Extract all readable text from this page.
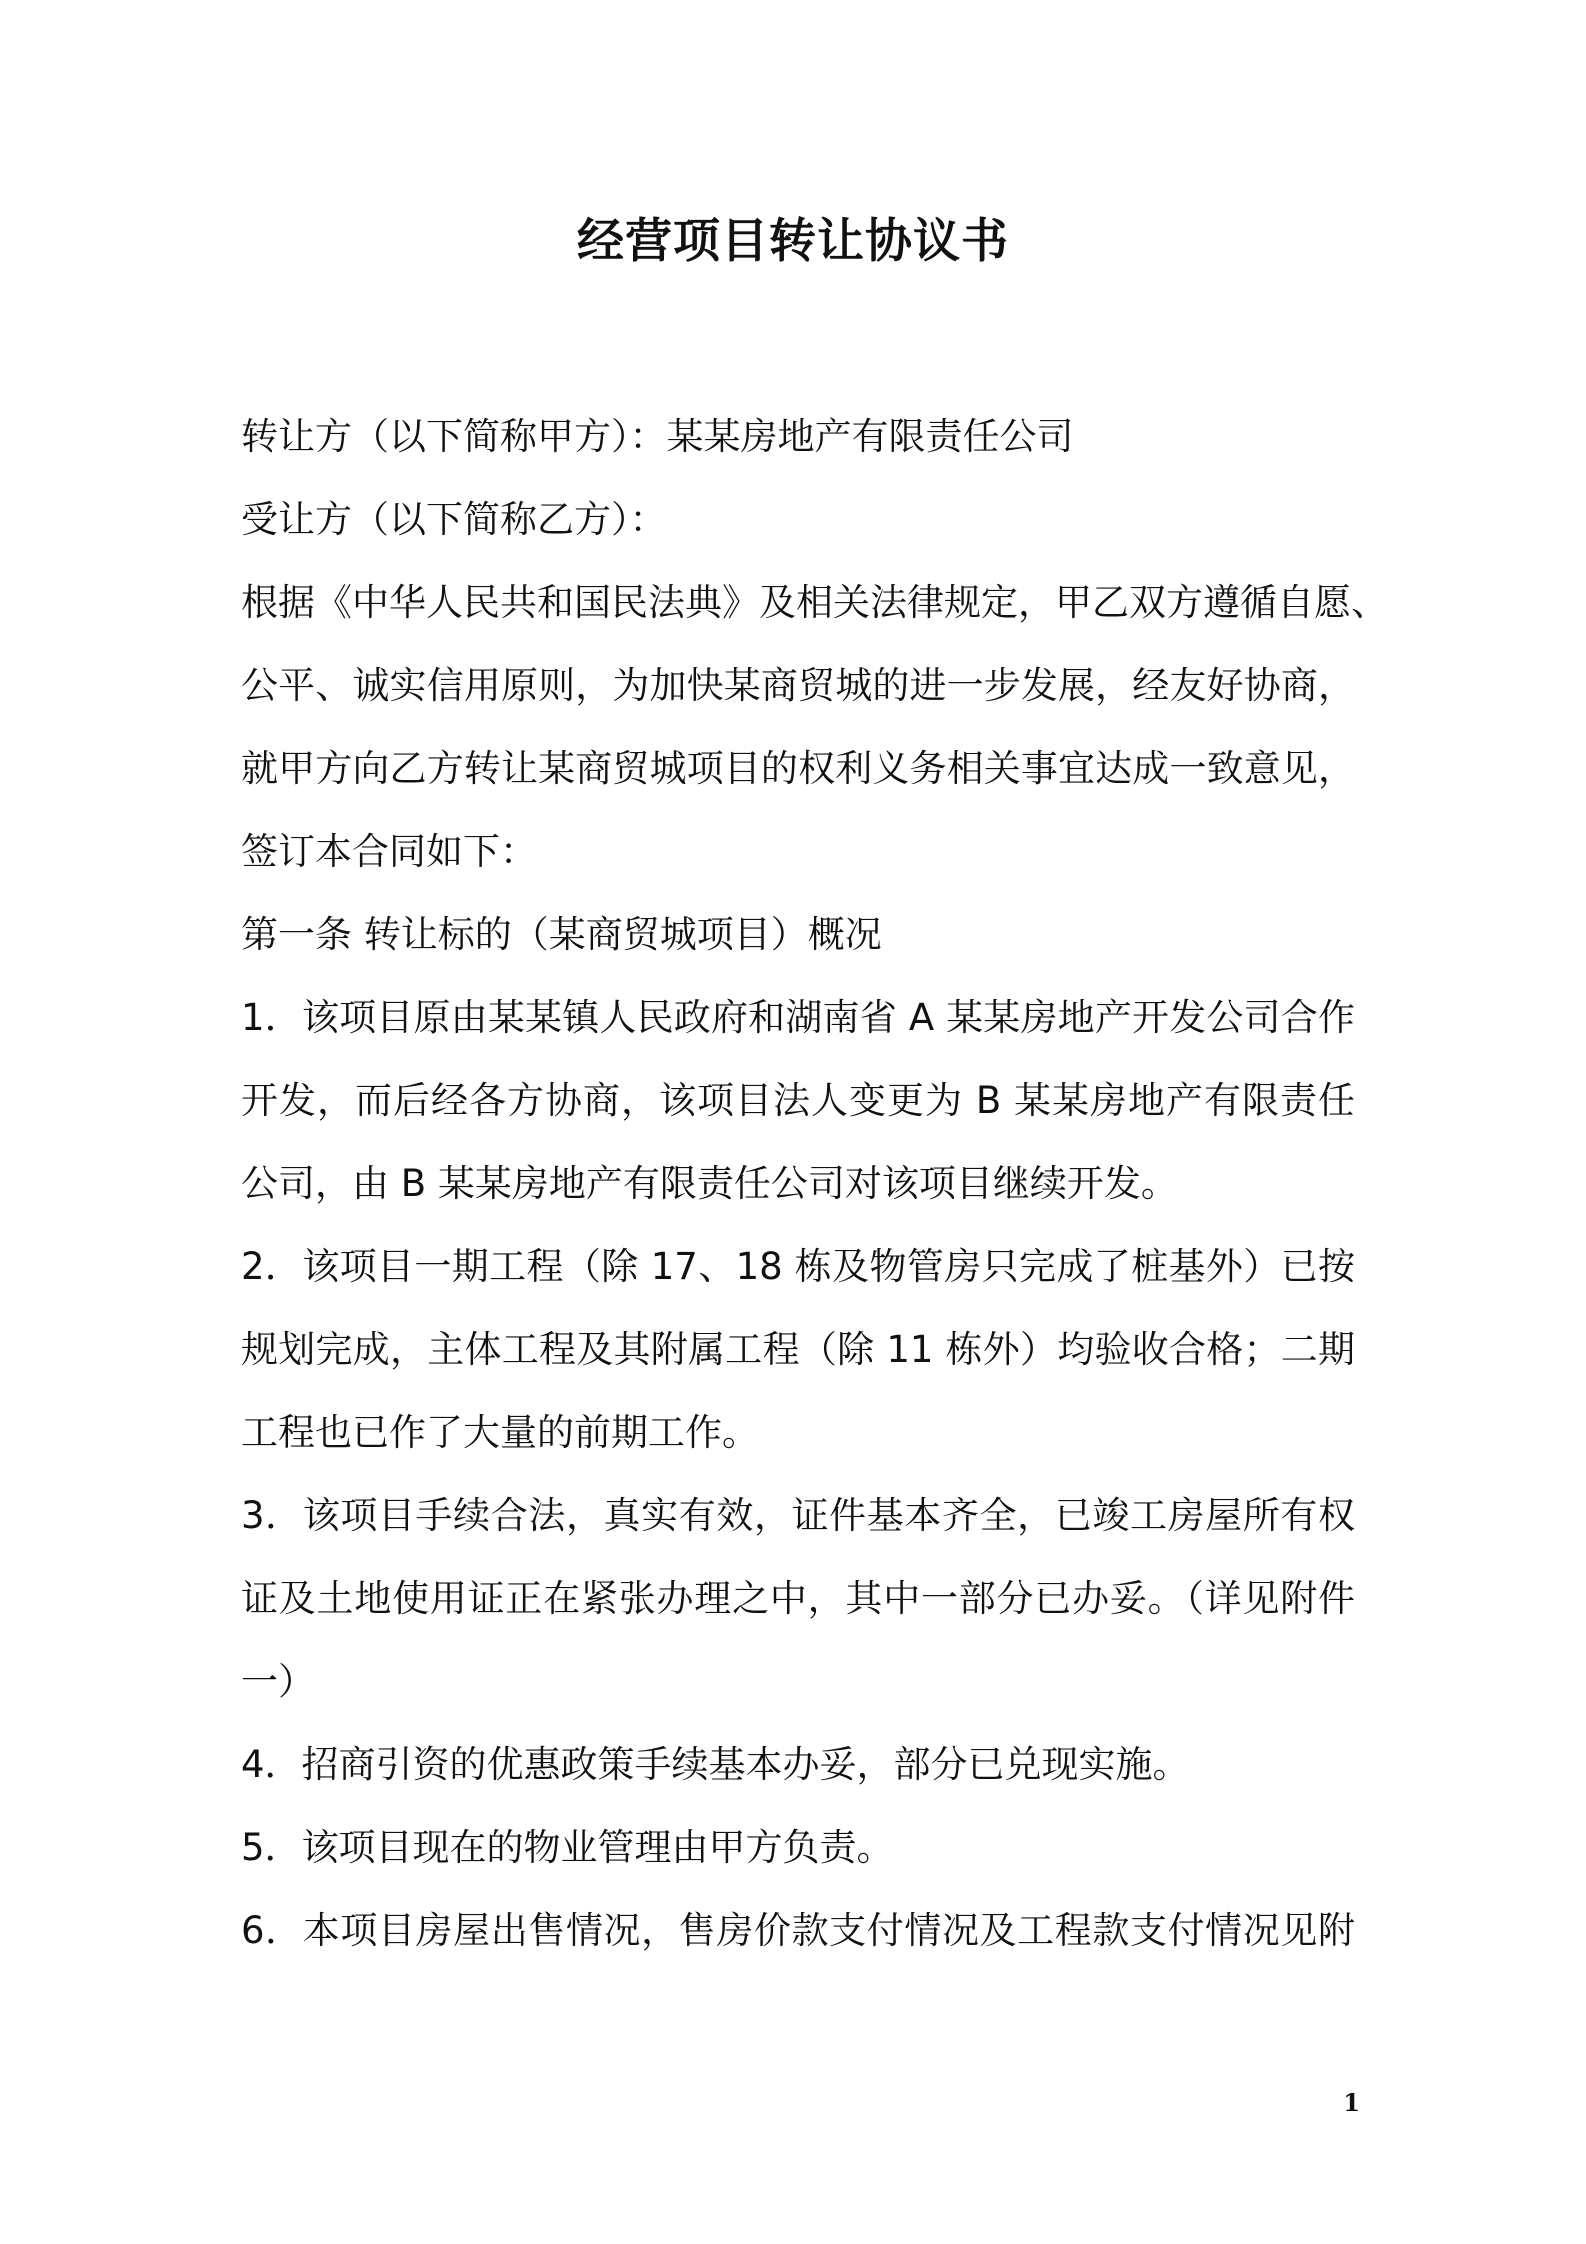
经营项目转让协议书
转让方（以下简称甲方）：某某房地产有限责任公司
受让方（以下简称乙方）：
根据《中华人民共和国民法典》及相关法律规定，甲乙双方遵循自愿、
公平、诚实信用原则，为加快某商贸城的进一步发展，经友好协商，
就甲方向乙方转让某商贸城项目的权利义务相关事宜达成一致意见，
签订本合同如下：
第一条 转让标的（某商贸城项目）概况
1．该项目原由某某镇人民政府和湖南省 A 某某房地产开发公司合作
开发，而后经各方协商，该项目法人变更为 B 某某房地产有限责任
公司，由 B 某某房地产有限责任公司对该项目继续开发。
2．该项目一期工程（除 17、18 栋及物管房只完成了桩基外）已按
规划完成，主体工程及其附属工程（除 11 栋外）均验收合格；二期
工程也已作了大量的前期工作。
3．该项目手续合法，真实有效，证件基本齐全，已竣工房屋所有权
证及土地使用证正在紧张办理之中，其中一部分已办妥。（详见附件
一）
4．招商引资的优惠政策手续基本办妥，部分已兑现实施。
5．该项目现在的物业管理由甲方负责。
6．本项目房屋出售情况，售房价款支付情况及工程款支付情况见附
1
